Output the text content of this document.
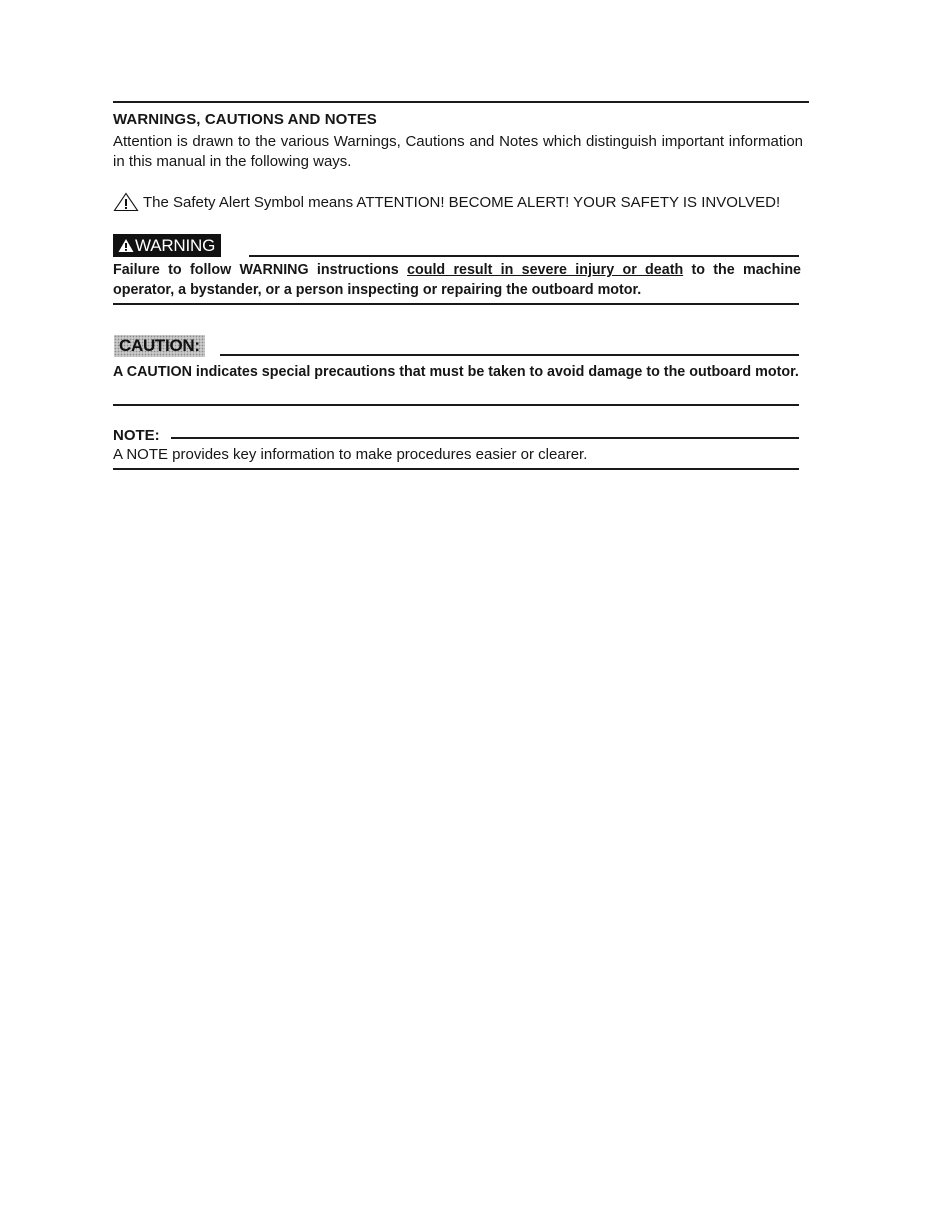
WARNINGS, CAUTIONS AND NOTES
Attention is drawn to the various Warnings, Cautions and Notes which distinguish important information in this manual in the following ways.
The Safety Alert Symbol means ATTENTION! BECOME ALERT! YOUR SAFETY IS INVOLVED!
WARNING
Failure to follow WARNING instructions could result in severe injury or death to the machine operator, a bystander, or a person inspecting or repairing the outboard motor.
CAUTION:
A CAUTION indicates special precautions that must be taken to avoid damage to the outboard motor.
NOTE:
A NOTE provides key information to make procedures easier or clearer.
